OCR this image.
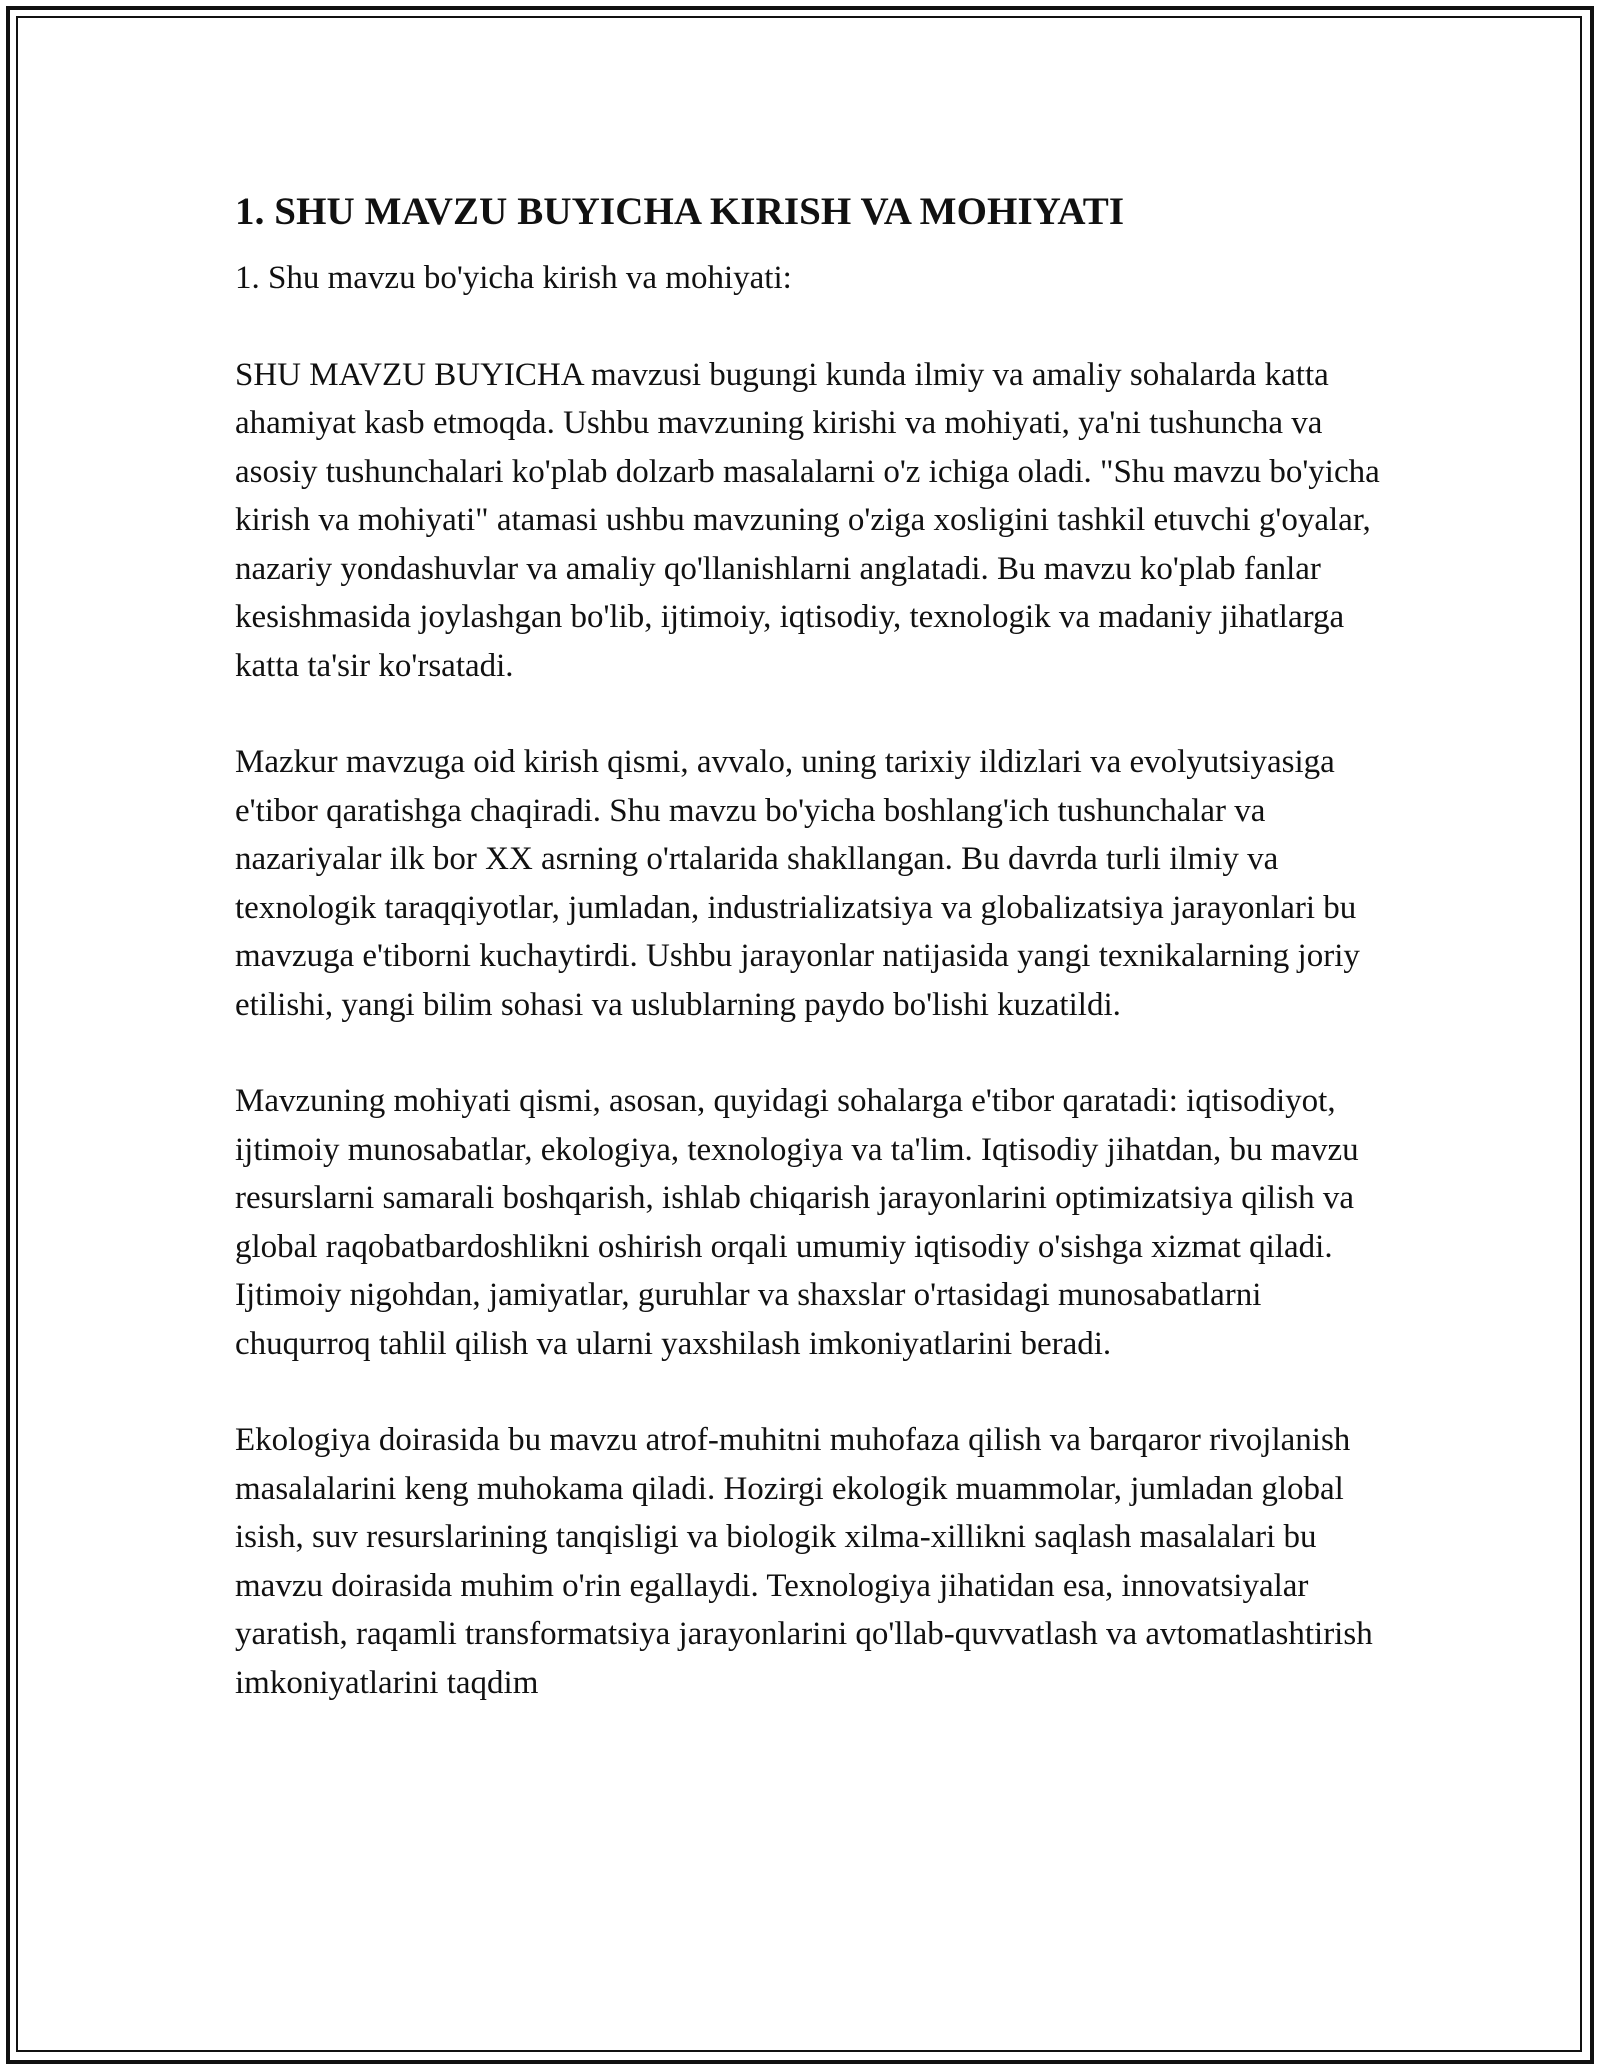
1. SHU MAVZU BUYICHA KIRISH VA MOHIYATI

1. Shu mavzu bo'yicha kirish va mohiyati:

SHU MAVZU BUYICHA mavzusi bugungi kunda ilmiy va amaliy sohalarda katta ahamiyat kasb etmoqda. Ushbu mavzuning kirishi va mohiyati, ya'ni tushuncha va asosiy tushunchalari ko'plab dolzarb masalalarni o'z ichiga oladi. "Shu mavzu bo'yicha kirish va mohiyati" atamasi ushbu mavzuning o'ziga xosligini tashkil etuvchi g'oyalar, nazariy yondashuvlar va amaliy qo'llanishlarni anglatadi. Bu mavzu ko'plab fanlar kesishmasida joylashgan bo'lib, ijtimoiy, iqtisodiy, texnologik va madaniy jihatlarga katta ta'sir ko'rsatadi.

Mazkur mavzuga oid kirish qismi, avvalo, uning tarixiy ildizlari va evolyutsiyasiga e'tibor qaratishga chaqiradi. Shu mavzu bo'yicha boshlang'ich tushunchalar va nazariyalar ilk bor XX asrning o'rtalarida shakllangan. Bu davrda turli ilmiy va texnologik taraqqiyotlar, jumladan, industrializatsiya va globalizatsiya jarayonlari bu mavzuga e'tiborni kuchaytirdi. Ushbu jarayonlar natijasida yangi texnikalarning joriy etilishi, yangi bilim sohasi va uslublarning paydo bo'lishi kuzatildi.

Mavzuning mohiyati qismi, asosan, quyidagi sohalarga e'tibor qaratadi: iqtisodiyot, ijtimoiy munosabatlar, ekologiya, texnologiya va ta'lim. Iqtisodiy jihatdan, bu mavzu resurslarni samarali boshqarish, ishlab chiqarish jarayonlarini optimizatsiya qilish va global raqobatbardoshlikni oshirish orqali umumiy iqtisodiy o'sishga xizmat qiladi. Ijtimoiy nigohdan, jamiyatlar, guruhlar va shaxslar o'rtasidagi munosabatlarni chuqurroq tahlil qilish va ularni yaxshilash imkoniyatlarini beradi.

Ekologiya doirasida bu mavzu atrof-muhitni muhofaza qilish va barqaror rivojlanish masalalarini keng muhokama qiladi. Hozirgi ekologik muammolar, jumladan global isish, suv resurslarining tanqisligi va biologik xilma-xillikni saqlash masalalari bu mavzu doirasida muhim o'rin egallaydi. Texnologiya jihatidan esa, innovatsiyalar yaratish, raqamli transformatsiya jarayonlarini qo'llab-quvvatlash va avtomatlashtirish imkoniyatlarini taqdim
